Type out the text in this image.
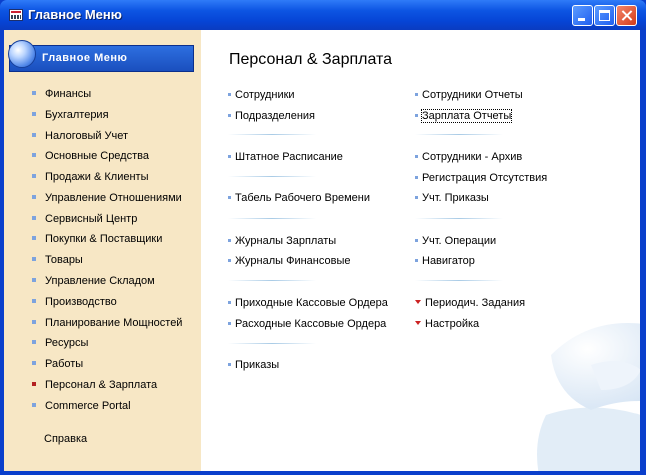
Главное Меню
Главное Меню
Финансы
Бухгалтерия
Налоговый Учет
Основные Средства
Продажи & Клиенты
Управление Отношениями
Сервисный Центр
Покупки & Поставщики
Товары
Управление Складом
Производство
Планирование Мощностей
Ресурсы
Работы
Персонал & Зарплата
Commerce Portal
Справка
Персонал & Зарплата
Сотрудники
Подразделения
Штатное Расписание
Табель Рабочего Времени
Журналы Зарплаты
Журналы Финансовые
Приходные Кассовые Ордера
Расходные Кассовые Ордера
Приказы
Сотрудники Отчеты
Зарплата Отчеты
Сотрудники - Архив
Регистрация Отсутствия
Учт. Приказы
Учт. Операции
Навигатор
Периодич. Задания
Настройка
